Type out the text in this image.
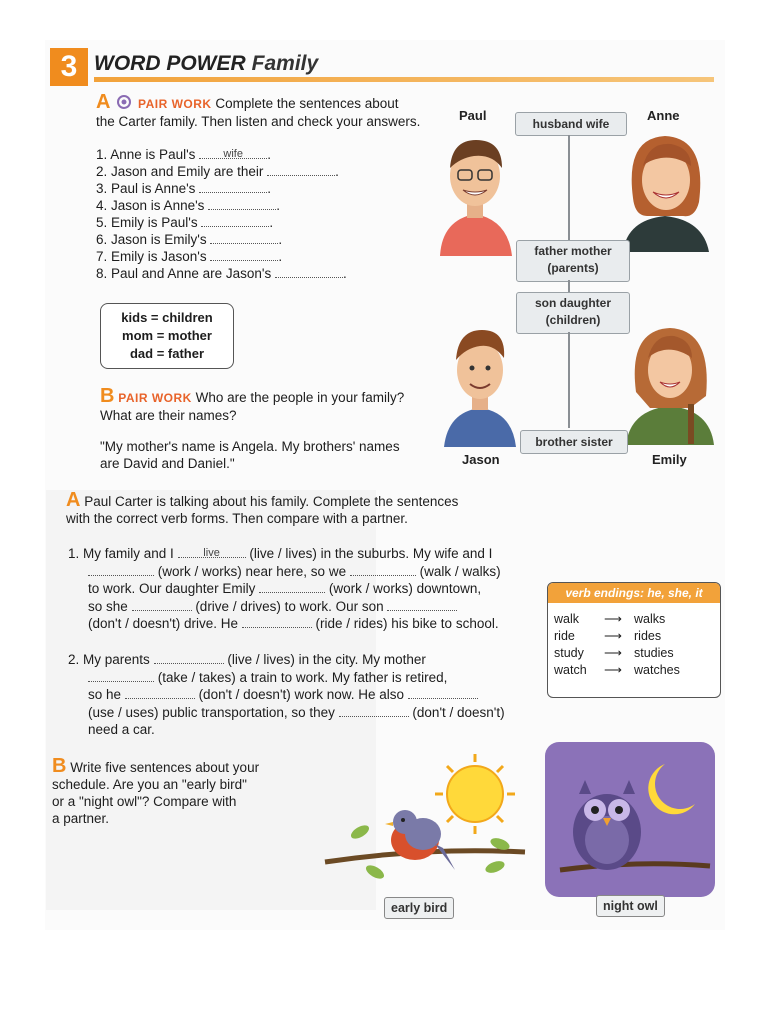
3 WORD POWER Family
A PAIR WORK Complete the sentences about
the Carter family. Then listen and check your answers.
1. Anne is Paul's	wife .
2. Jason and Emily are their	.
3. Paul is Anne's	.
4. Jason is Anne's	.
5. Emily is Paul's	.
6. Jason is Emily's	.
7. Emily is Jason's	.
8. Paul and Anne are Jason's	.
kids = children
mom = mother
dad = father
Paul	Anne
husband wife
father mother
(parents)
son daughter
(children)
brother sister
Jason	Emily
B PAIR WORK Who are the people in your family?
What are their names?
"My mother's name is Angela. My brothers' names
are David and Daniel."
A Paul Carter is talking about his family. Complete the sentences
with the correct verb forms. Then compare with a partner.
1. My family and I	live (live / lives) in the suburbs. My wife and I
(work / works) near here, so we	(walk / walks)
to work. Our daughter Emily	(work / works) downtown,
so she	(drive / drives) to work. Our son
(don't / doesn't) drive. He	(ride / rides) his bike to school.
2. My parents	(live / lives) in the city. My mother
(take / takes) a train to work. My father is retired,
so he	(don't / doesn't) work now. He also
(use / uses) public transportation, so they	(don't / doesn't)
need a car.
verb endings: he, she, it
walk	⟶ walks
ride	⟶ rides
study	⟶ studies
watch	⟶ watches
B Write five sentences about your
schedule. Are you an "early bird"
or a "night owl"? Compare with
a partner.
early bird	night owl
